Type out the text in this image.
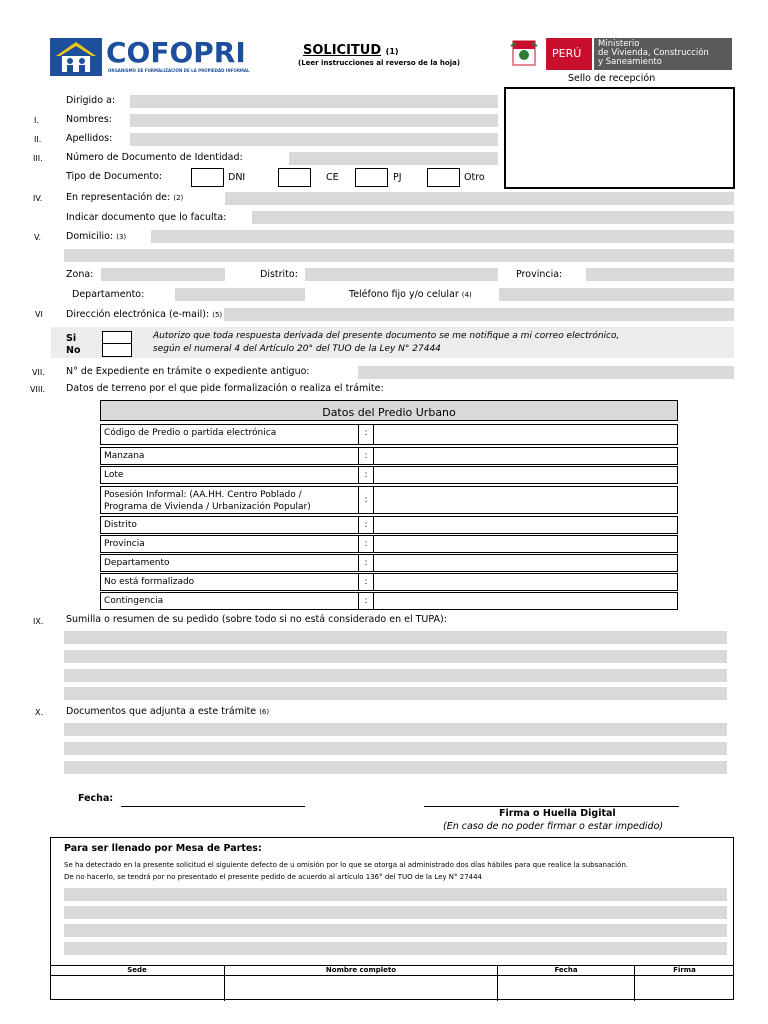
COFOPRI
ORGANISMO DE FORMALIZACIÓN DE LA PROPIEDAD INFORMAL
SOLICITUD (1)
(Leer instrucciones al reverso de la hoja)
PERÚ
Ministerio
de Vivienda, Construcción
y Saneamiento
Sello de recepción
Dirigido a:
I.	Nombres:
II.	Apellidos:
III. Número de Documento de Identidad:
Tipo de Documento:	DNI	CE	PJ	Otro
IV. En representación de: (2)
Indicar documento que lo faculta:
V.	Domicilio: (3)
Zona:	Distrito:	Provincia:
Departamento:	Teléfono fijo y/o celular (4)
VI Dirección electrónica (e-mail): (5)
Si
No
Autorizo que toda respuesta derivada del presente documento se me notifique a mi correo electrónico,
según el numeral 4 del Artículo 20° del TUO de la Ley N° 27444
VII. N° de Expediente en trámite o expediente antiguo:
VIII. Datos de terreno por el que pide formalización o realiza el trámite:
Datos del Predio Urbano
Código de Predio o partida electrónica	:
Manzana	:
Lote	:
Posesión Informal: (AA.HH. Centro Poblado /
Programa de Vivienda / Urbanización Popular)
:
Distrito	:
Provincia	:
Departamento	:
No está formalizado	:
Contingencia	:
IX. Sumilla o resumen de su pedido (sobre todo si no está considerado en el TUPA):
X. Documentos que adjunta a este trámite (6)
Fecha:
Firma o Huella Digital
(En caso de no poder firmar o estar impedido)
Para ser llenado por Mesa de Partes:
Se ha detectado en la presente solicitud el siguiente defecto de u omisión por lo que se otorga al administrado dos días hábiles para que realice la subsanación.
De no hacerlo, se tendrá por no presentado el presente pedido de acuerdo al artículo 136° del TUO de la Ley N° 27444
Sede	Nombre completo	Fecha	Firma
